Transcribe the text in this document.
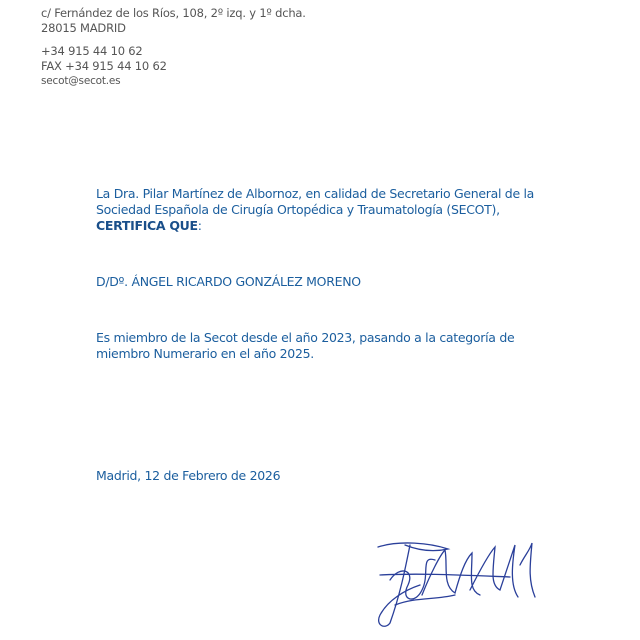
c/ Fernández de los Ríos, 108, 2º izq. y 1º dcha.
28015 MADRID
+34 915 44 10 62
FAX +34 915 44 10 62
secot@secot.es
La Dra. Pilar Martínez de Albornoz, en calidad de Secretario General de la
Sociedad Española de Cirugía Ortopédica y Traumatología (SECOT),
CERTIFICA QUE:
D/Dº. ÁNGEL RICARDO GONZÁLEZ MORENO
Es miembro de la Secot desde el año 2023, pasando a la categoría de
miembro Numerario en el año 2025.
Madrid, 12 de Febrero de 2026
